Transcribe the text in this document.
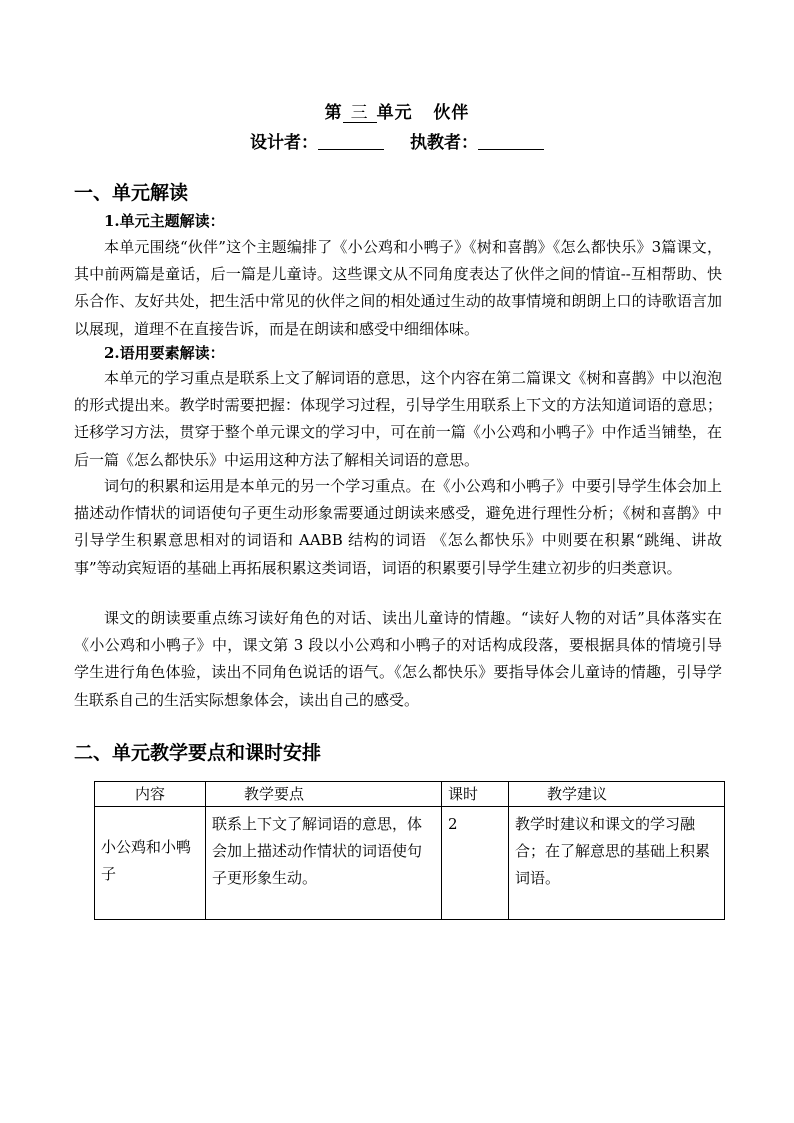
第 三 单元 伙伴
设计者：	执教者：
一、单元解读
1.单元主题解读：

本单元围绕“伙伴”这个主题编排了《小公鸡和小鸭子》《树和喜鹊》《怎么都快乐》3篇课文，其中前两篇是童话，后一篇是儿童诗。这些课文从不同角度表达了伙伴之间的情谊--互相帮助、快乐合作、友好共处，把生活中常见的伙伴之间的相处通过生动的故事情境和朗朗上口的诗歌语言加以展现，道理不在直接告诉，而是在朗读和感受中细细体味。

2.语用要素解读：

本单元的学习重点是联系上文了解词语的意思，这个内容在第二篇课文《树和喜鹊》中以泡泡的形式提出来。教学时需要把握：体现学习过程，引导学生用联系上下文的方法知道词语的意思；迁移学习方法，贯穿于整个单元课文的学习中，可在前一篇《小公鸡和小鸭子》中作适当铺垫，在后一篇《怎么都快乐》中运用这种方法了解相关词语的意思。

词句的积累和运用是本单元的另一个学习重点。在《小公鸡和小鸭子》中要引导学生体会加上描述动作情状的词语使句子更生动形象需要通过朗读来感受，避免进行理性分析；《树和喜鹊》中引导学生积累意思相对的词语和 AABB 结构的词语 《怎么都快乐》中则要在积累“跳绳、讲故事”等动宾短语的基础上再拓展积累这类词语，词语的积累要引导学生建立初步的归类意识。

课文的朗读要重点练习读好角色的对话、读出儿童诗的情趣。“读好人物的对话”具体落实在《小公鸡和小鸭子》中，课文第 3 段以小公鸡和小鸭子的对话构成段落，要根据具体的情境引导学生进行角色体验，读出不同角色说话的语气。《怎么都快乐》要指导体会儿童诗的情趣，引导学生联系自己的生活实际想象体会，读出自己的感受。

二、单元教学要点和课时安排
内容	教学要点	课时	教学建议
小公鸡和小鸭子	联系上下文了解词语的意思，体会加上描述动作情状的词语使句子更形象生动。	2	教学时建议和课文的学习融合；在了解意思的基础上积累词语。
